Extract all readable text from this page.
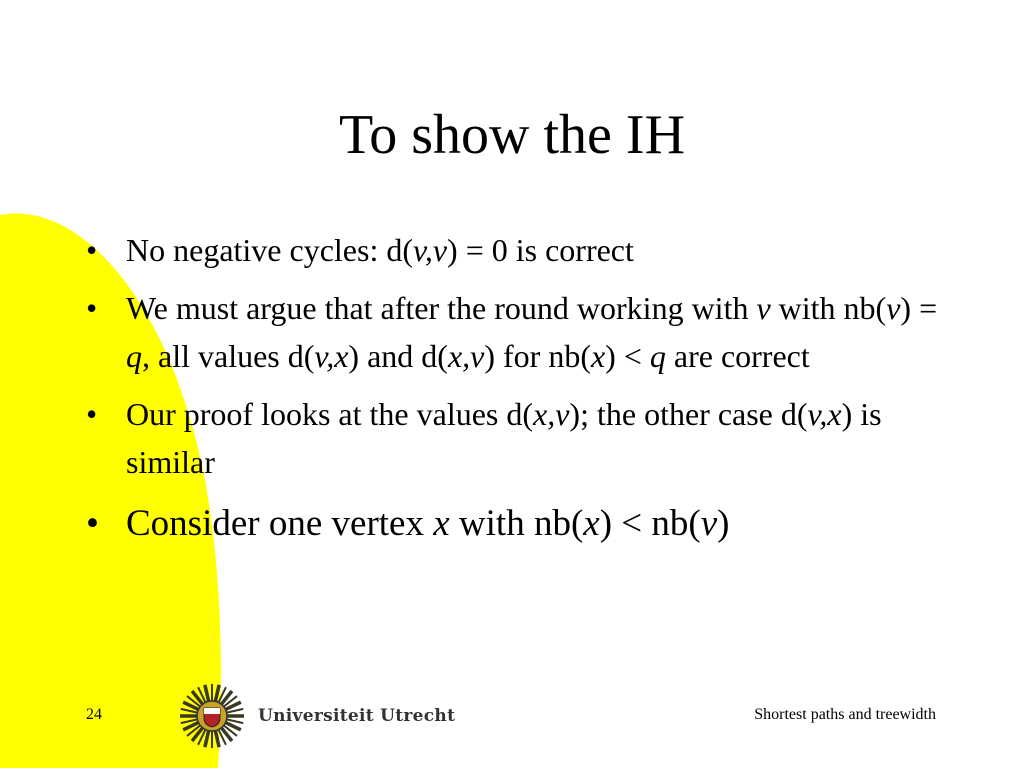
To show the IH
• No negative cycles: d(v,v) = 0 is correct
• We must argue that after the round working with v with nb(v) = q, all values d(v,x) and d(x,v) for nb(x) < q are correct
• Our proof looks at the values d(x,v); the other case d(v,x) is similar
• Consider one vertex x with nb(x) < nb(v)
24	Universiteit Utrecht	Shortest paths and treewidth
